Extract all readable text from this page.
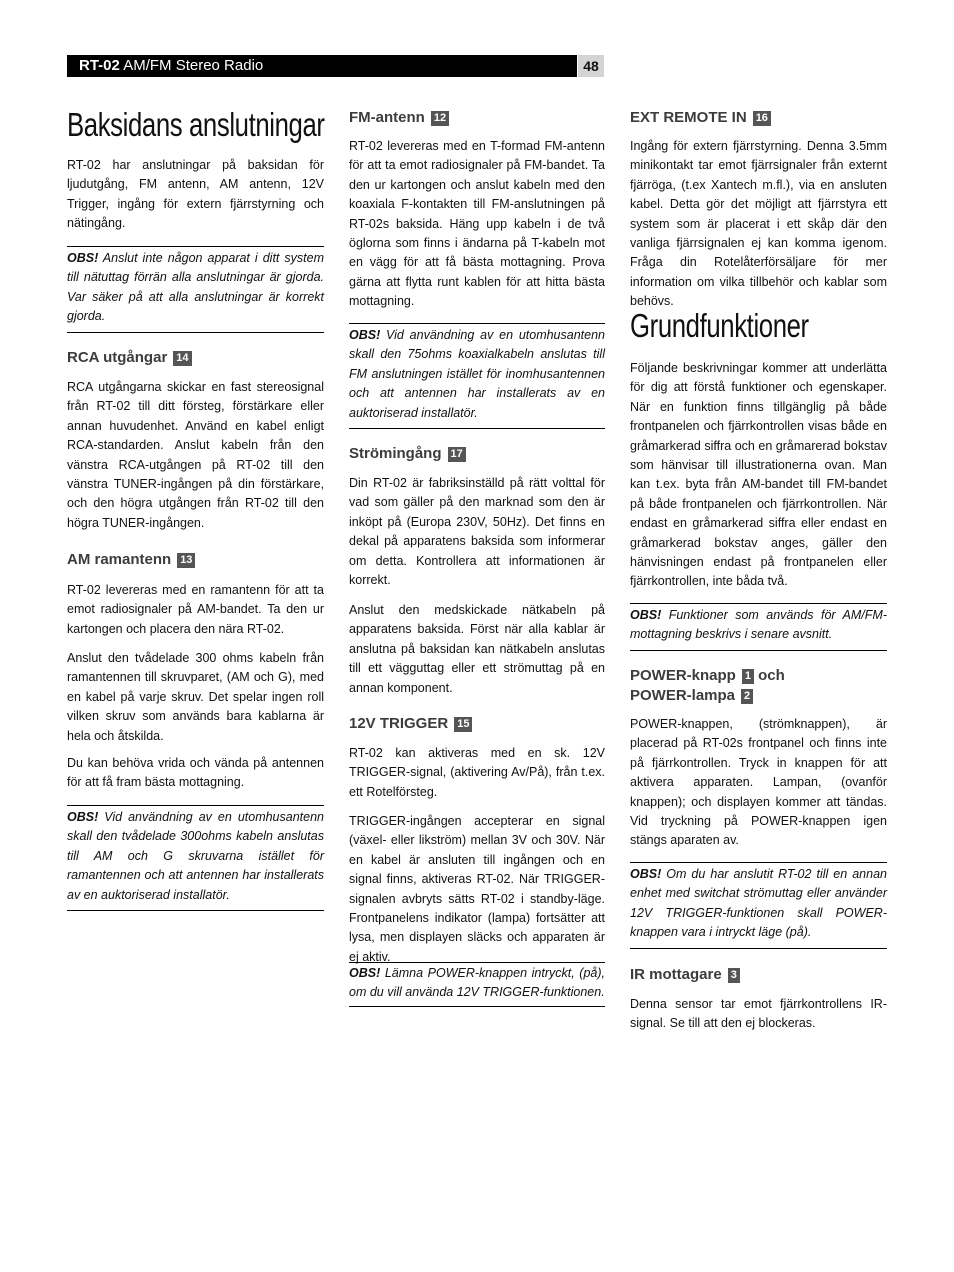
RT-02 AM/FM Stereo Radio	48
Baksidans anslutningar

RT-02 har anslutningar på baksidan för ljudutgång, FM antenn, AM antenn, 12V Trigger, ingång för extern fjärrstyrning och nätingång.

OBS! Anslut inte någon apparat i ditt system till nätuttag förrän alla anslutningar är gjorda. Var säker på att alla anslutningar är korrekt gjorda.

RCA utgångar 14

RCA utgångarna skickar en fast stereosignal från RT-02 till ditt försteg, förstärkare eller annan huvudenhet. Använd en kabel enligt RCA-standarden. Anslut kabeln från den vänstra RCA-utgången på RT-02 till den vänstra TUNER-ingången på din förstärkare, och den högra utgången från RT-02 till den högra TUNER-ingången.

AM ramantenn 13

RT-02 levereras med en ramantenn för att ta emot radiosignaler på AM-bandet. Ta den ur kartongen och placera den nära RT-02.

Anslut den tvådelade 300 ohms kabeln från ramantennen till skruvparet, (AM och G), med en kabel på varje skruv. Det spelar ingen roll vilken skruv som används bara kablarna är hela och åtskilda.

Du kan behöva vrida och vända på antennen för att få fram bästa mottagning.

OBS! Vid användning av en utomhusantenn skall den tvådelade 300ohms kabeln anslutas till AM och G skruvarna istället för ramantennen och att antennen har installerats av en auktoriserad installatör.

FM-antenn 12

RT-02 levereras med en T-formad FM-antenn för att ta emot radiosignaler på FM-bandet. Ta den ur kartongen och anslut kabeln med den koaxiala F-kontakten till FM-anslutningen på RT-02s baksida. Häng upp kabeln i de två öglorna som finns i ändarna på T-kabeln mot en vägg för att få bästa mottagning. Prova gärna att flytta runt kablen för att hitta bästa mottagning.

OBS! Vid användning av en utomhusantenn skall den 75ohms koaxialkabeln anslutas till FM anslutningen istället för inomhusantennen och att antennen har installerats av en auktoriserad installatör.

Strömingång 17

Din RT-02 är fabriksinställd på rätt volttal för vad som gäller på den marknad som den är inköpt på (Europa 230V, 50Hz). Det finns en dekal på apparatens baksida som informerar om detta. Kontrollera att informationen är korrekt.

Anslut den medskickade nätkabeln på apparatens baksida. Först när alla kablar är anslutna på baksidan kan nätkabeln anslutas till ett vägguttag eller ett strömuttag på en annan komponent.

12V TRIGGER 15

RT-02 kan aktiveras med en sk. 12V TRIGGER-signal, (aktivering Av/På), från t.ex. ett Rotelförsteg.

TRIGGER-ingången accepterar en signal (växel- eller likström) mellan 3V och 30V. När en kabel är ansluten till ingången och en signal finns, aktiveras RT-02. När TRIGGER-signalen avbryts sätts RT-02 i standby-läge. Frontpanelens indikator (lampa) fortsätter att lysa, men displayen släcks och apparaten är ej aktiv.

OBS! Lämna POWER-knappen intryckt, (på), om du vill använda 12V TRIGGER-funktionen.

EXT REMOTE IN 16

Ingång för extern fjärrstyrning. Denna 3.5mm minikontakt tar emot fjärrsignaler från externt fjärröga, (t.ex Xantech m.fl.), via en ansluten kabel. Detta gör det möjligt att fjärrstyra ett system som är placerat i ett skåp där den vanliga fjärrsignalen ej kan komma igenom. Fråga din Rotelåterförsäljare för mer information om vilka tillbehör och kablar som behövs.

Grundfunktioner

Följande beskrivningar kommer att underlätta för dig att förstå funktioner och egenskaper. När en funktion finns tillgänglig på både frontpanelen och fjärrkontrollen visas både en gråmarkerad siffra och en gråmarerad bokstav som hänvisar till illustrationerna ovan. Man kan t.ex. byta från AM-bandet till FM-bandet på både frontpanelen och fjärrkontrollen. När endast en gråmarkerad siffra eller endast en gråmarkerad bokstav anges, gäller den hänvisningen endast på frontpanelen eller fjärrkontrollen, inte båda två.

OBS! Funktioner som används för AM/FM-mottagning beskrivs i senare avsnitt.

POWER-knapp 1 och
POWER-lampa 2

POWER-knappen, (strömknappen), är placerad på RT-02s frontpanel och finns inte på fjärrkontrollen. Tryck in knappen för att aktivera apparaten. Lampan, (ovanför knappen); och displayen kommer att tändas. Vid tryckning på POWER-knappen igen stängs aparaten av.

OBS! Om du har anslutit RT-02 till en annan enhet med switchat strömuttag eller använder 12V TRIGGER-funktionen skall POWER-knappen vara i intryckt läge (på).

IR mottagare 3

Denna sensor tar emot fjärrkontrollens IR-signal. Se till att den ej blockeras.
